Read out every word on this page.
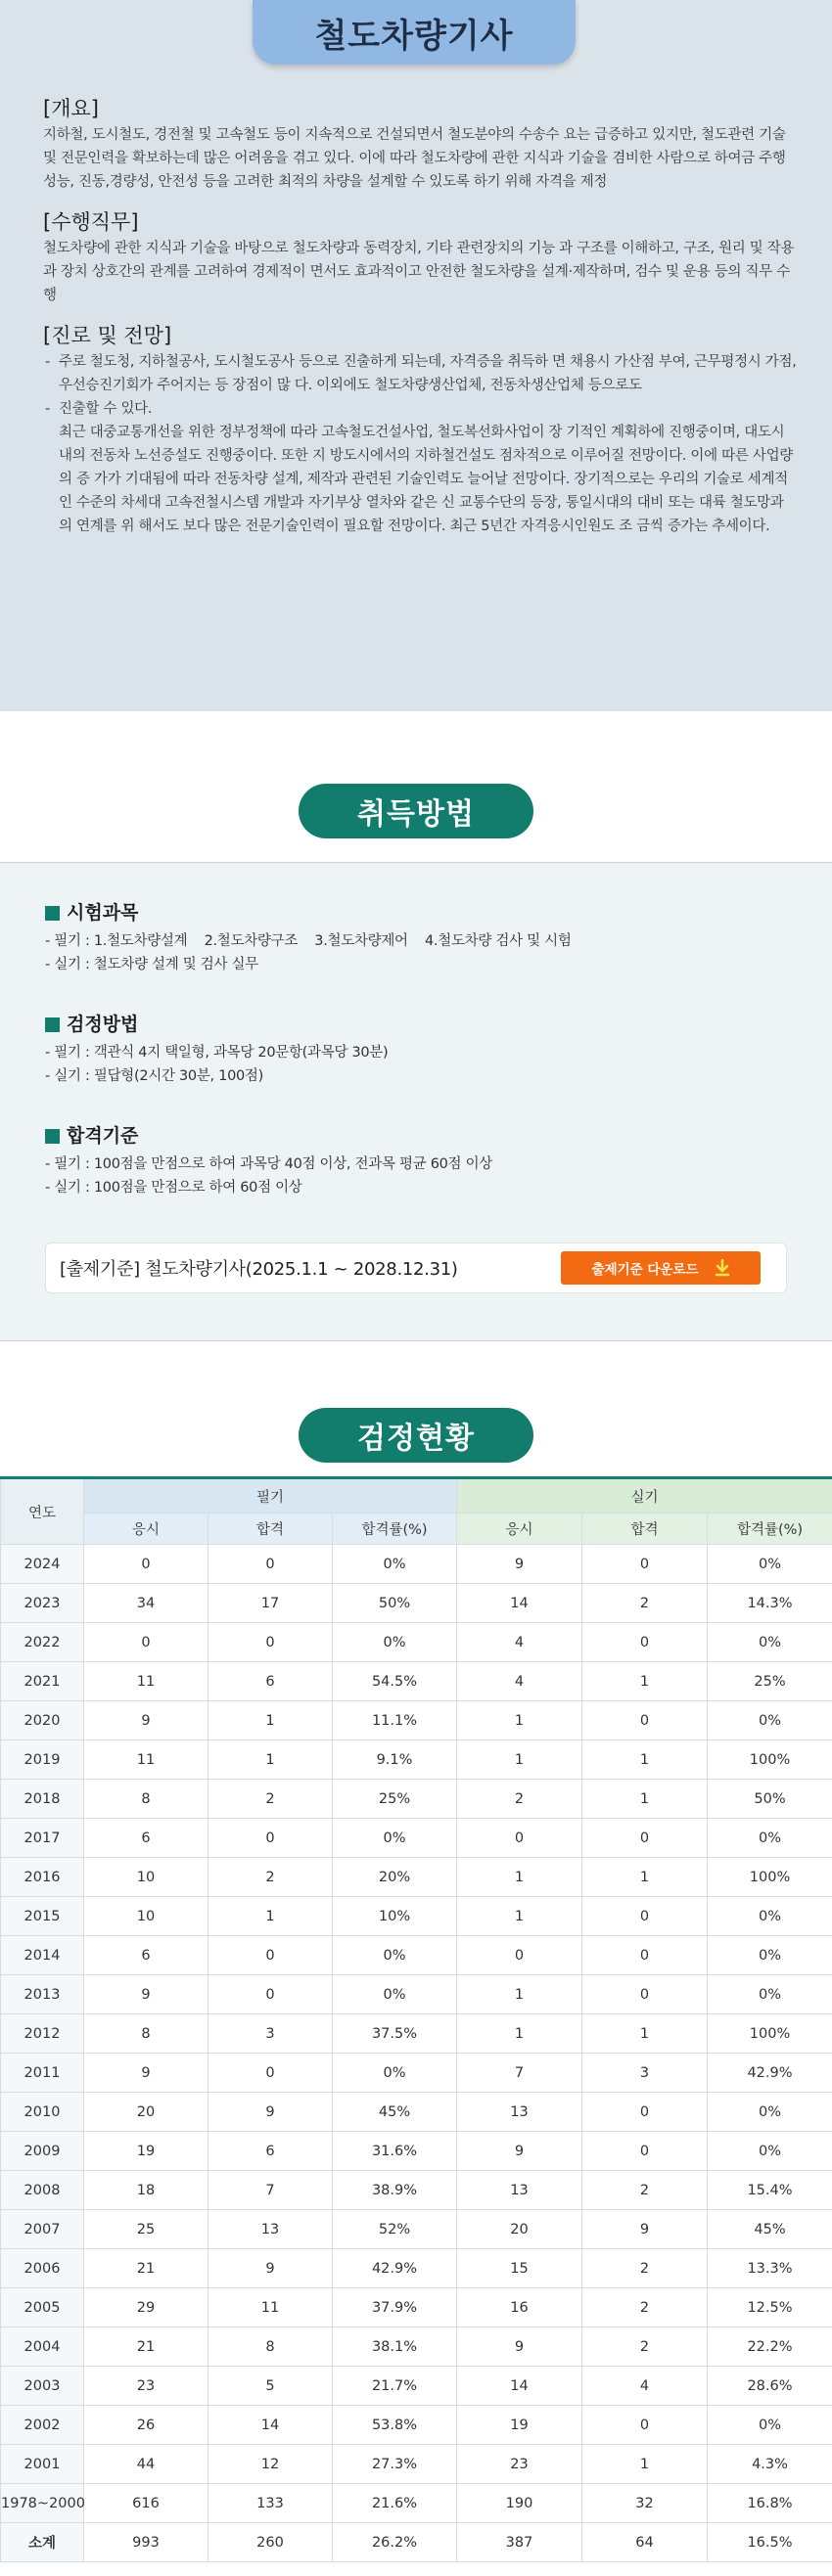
철도차량기사
[개요]
지하철, 도시철도, 경전철 및 고속철도 등이 지속적으로 건설되면서 철도분야의 수송수 요는 급증하고 있지만, 철도관련 기술 및 전문인력을 확보하는데 많은 어려움을 겪고 있다. 이에 따라 철도차량에 관한 지식과 기술을 겸비한 사람으로 하여금 주행성능, 진동,경량성, 안전성 등을 고려한 최적의 차량을 설계할 수 있도록 하기 위해 자격을 제정
[수행직무]
철도차량에 관한 지식과 기술을 바탕으로 철도차량과 동력장치, 기타 관련장치의 기능 과 구조를 이해하고, 구조, 원리 및 작용과 장치 상호간의 관계를 고려하여 경제적이 면서도 효과적이고 안전한 철도차량을 설계·제작하며, 검수 및 운용 등의 직무 수행
[진로 및 전망]
- 주로 철도청, 지하철공사, 도시철도공사 등으로 진출하게 되는데, 자격증을 취득하 면 채용시 가산점 부여, 근무평정시 가점, 우선승진기회가 주어지는 등 장점이 많 다. 이외에도 철도차량생산업체, 전동차생산업체 등으로도
- 진출할 수 있다.
최근 대중교통개선을 위한 정부정책에 따라 고속철도건설사업, 철도복선화사업이 장 기적인 계획하에 진행중이며, 대도시 내의 전동차 노선증설도 진행중이다. 또한 지 방도시에서의 지하철건설도 점차적으로 이루어질 전망이다. 이에 따른 사업량의 증 가가 기대됨에 따라 전동차량 설계, 제작과 관련된 기술인력도 늘어날 전망이다. 장기적으로는 우리의 기술로 세계적인 수준의 차세대 고속전철시스템 개발과 자기부상 열차와 같은 신 교통수단의 등장, 통일시대의 대비 또는 대륙 철도망과의 연계를 위 해서도 보다 많은 전문기술인력이 필요할 전망이다. 최근 5년간 자격응시인원도 조 금씩 증가는 추세이다.
취득방법
시험과목
- 필기 : 1.철도차량설계    2.철도차량구조    3.철도차량제어    4.철도차량 검사 및 시험
- 실기 : 철도차량 설계 및 검사 실무
검정방법
- 필기 : 객관식 4지 택일형, 과목당 20문항(과목당 30분)
- 실기 : 필답형(2시간 30분, 100점)
합격기준
- 필기 : 100점을 만점으로 하여 과목당 40점 이상, 전과목 평균 60점 이상
- 실기 : 100점을 만점으로 하여 60점 이상
[출제기준] 철도차량기사(2025.1.1 ~ 2028.12.31)	출제기준 다운로드
검정현황
연도	필기			실기		
	응시	합격	합격률(%)	응시	합격	합격률(%)
2024	0	0	0%	9	0	0%
2023	34	17	50%	14	2	14.3%
2022	0	0	0%	4	0	0%
2021	11	6	54.5%	4	1	25%
2020	9	1	11.1%	1	0	0%
2019	11	1	9.1%	1	1	100%
2018	8	2	25%	2	1	50%
2017	6	0	0%	0	0	0%
2016	10	2	20%	1	1	100%
2015	10	1	10%	1	0	0%
2014	6	0	0%	0	0	0%
2013	9	0	0%	1	0	0%
2012	8	3	37.5%	1	1	100%
2011	9	0	0%	7	3	42.9%
2010	20	9	45%	13	0	0%
2009	19	6	31.6%	9	0	0%
2008	18	7	38.9%	13	2	15.4%
2007	25	13	52%	20	9	45%
2006	21	9	42.9%	15	2	13.3%
2005	29	11	37.9%	16	2	12.5%
2004	21	8	38.1%	9	2	22.2%
2003	23	5	21.7%	14	4	28.6%
2002	26	14	53.8%	19	0	0%
2001	44	12	27.3%	23	1	4.3%
1978~2000	616	133	21.6%	190	32	16.8%
소계	993	260	26.2%	387	64	16.5%
